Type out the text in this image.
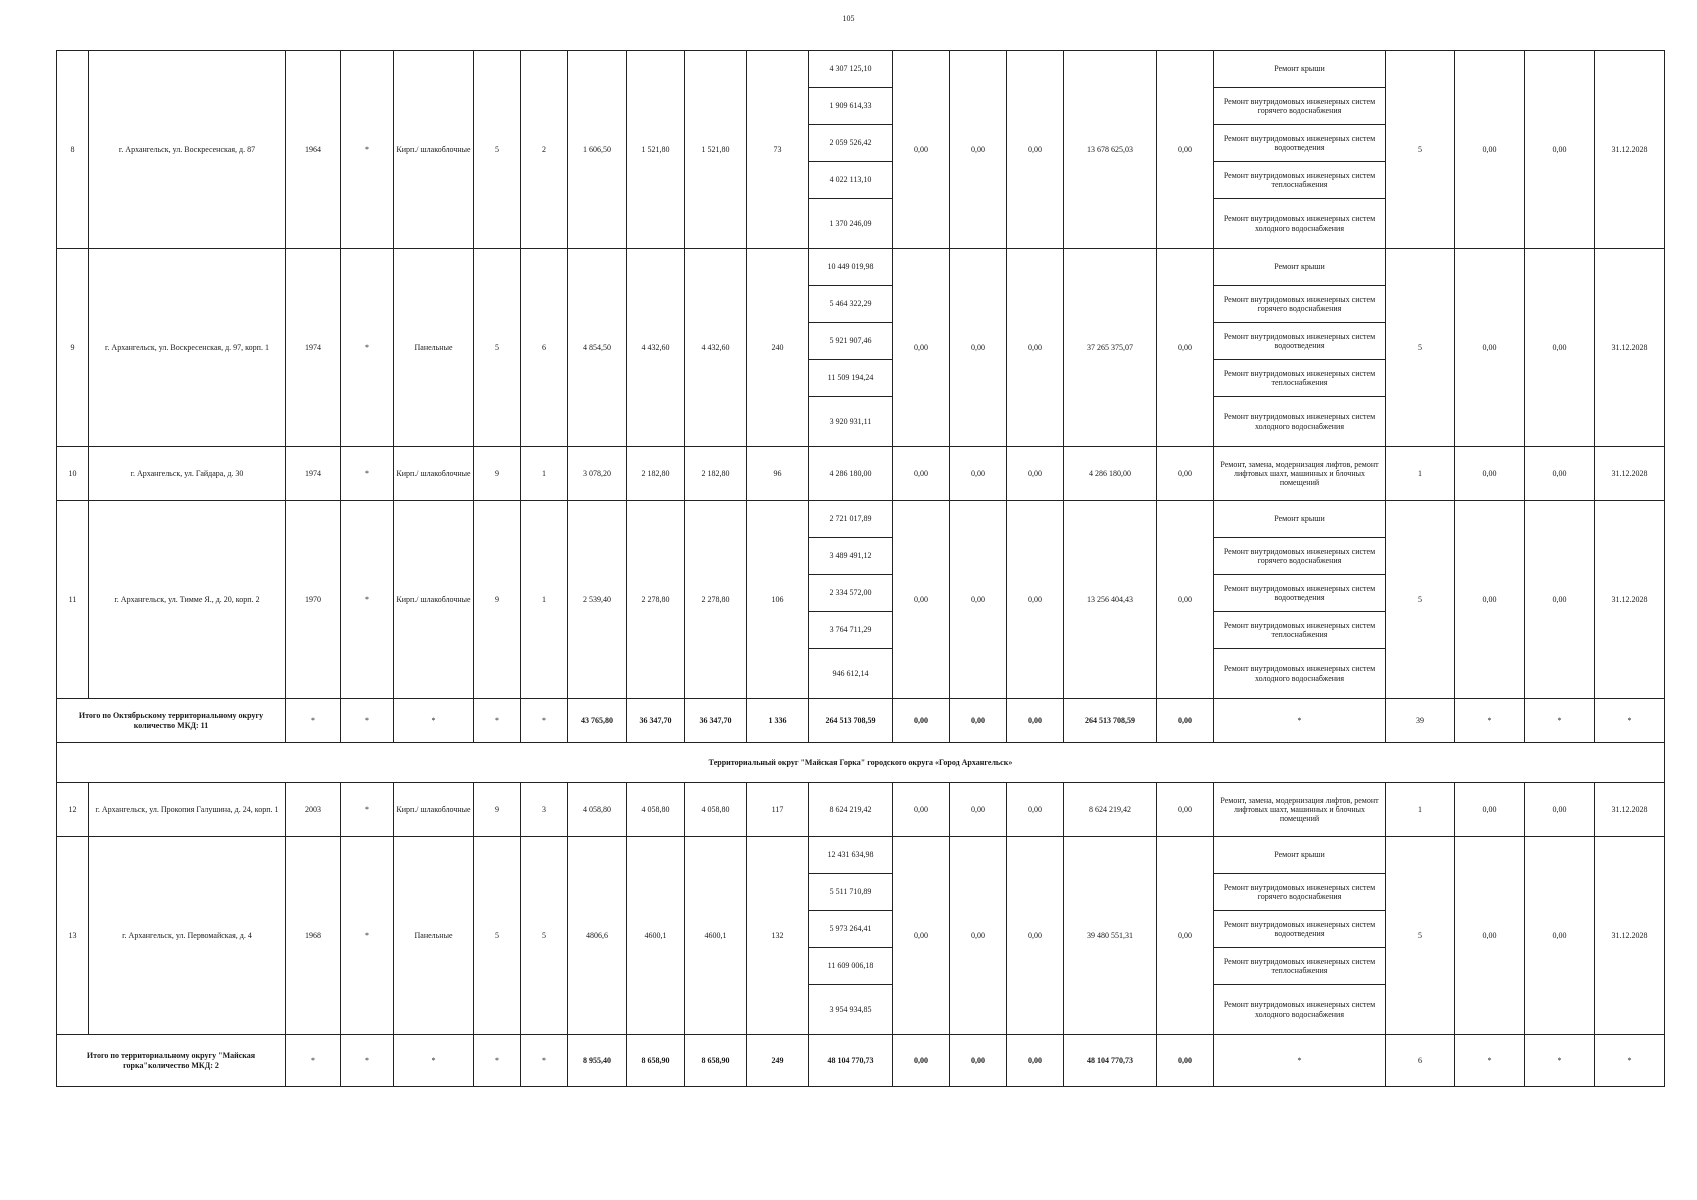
105
8	г. Архангельск, ул. Воскресенская, д. 87	1964	*	Кирп./ шлакоблочные	5	2	1 606,50	1 521,80	1 521,80	73	4 307 125,10	0,00	0,00	0,00	13 678 625,03	0,00	Ремонт крыши	5	0,00	0,00	31.12.2028
											1 909 614,33						Ремонт внутридомовых инженерных систем горячего водоснабжения				
											2 059 526,42						Ремонт внутридомовых инженерных систем водоотведения				
											4 022 113,10						Ремонт внутридомовых инженерных систем теплоснабжения				
											1 370 246,09						Ремонт внутридомовых инженерных систем холодного водоснабжения				
9	г. Архангельск, ул. Воскресенская, д. 97, корп. 1	1974	*	Панельные	5	6	4 854,50	4 432,60	4 432,60	240	10 449 019,98	0,00	0,00	0,00	37 265 375,07	0,00	Ремонт крыши	5	0,00	0,00	31.12.2028
											5 464 322,29						Ремонт внутридомовых инженерных систем горячего водоснабжения				
											5 921 907,46						Ремонт внутридомовых инженерных систем водоотведения				
											11 509 194,24						Ремонт внутридомовых инженерных систем теплоснабжения				
											3 920 931,11						Ремонт внутридомовых инженерных систем холодного водоснабжения				
10	г. Архангельск, ул. Гайдара, д. 30	1974	*	Кирп./ шлакоблочные	9	1	3 078,20	2 182,80	2 182,80	96	4 286 180,00	0,00	0,00	0,00	4 286 180,00	0,00	Ремонт, замена, модернизация лифтов, ремонт лифтовых шахт, машинных и блочных помещений	1	0,00	0,00	31.12.2028
11	г. Архангельск, ул. Тимме Я., д. 20, корп. 2	1970	*	Кирп./ шлакоблочные	9	1	2 539,40	2 278,80	2 278,80	106	2 721 017,89	0,00	0,00	0,00	13 256 404,43	0,00	Ремонт крыши	5	0,00	0,00	31.12.2028
											3 489 491,12						Ремонт внутридомовых инженерных систем горячего водоснабжения				
											2 334 572,00						Ремонт внутридомовых инженерных систем водоотведения				
											3 764 711,29						Ремонт внутридомовых инженерных систем теплоснабжения				
											946 612,14						Ремонт внутридомовых инженерных систем холодного водоснабжения				
Итого по Октябрьскому территориальному округу количество МКД: 11		*	*	*	*	*	43 765,80	36 347,70	36 347,70	1 336	264 513 708,59	0,00	0,00	0,00	264 513 708,59	0,00	*	39	*	*	*
Территориальный округ "Майская Горка" городского округа «Город Архангельск»																					
12	г. Архангельск, ул. Прокопия Галушина, д. 24, корп. 1	2003	*	Кирп./ шлакоблочные	9	3	4 058,80	4 058,80	4 058,80	117	8 624 219,42	0,00	0,00	0,00	8 624 219,42	0,00	Ремонт, замена, модернизация лифтов, ремонт лифтовых шахт, машинных и блочных помещений	1	0,00	0,00	31.12.2028
13	г. Архангельск, ул. Первомайская, д. 4	1968	*	Панельные	5	5	4806,6	4600,1	4600,1	132	12 431 634,98	0,00	0,00	0,00	39 480 551,31	0,00	Ремонт крыши	5	0,00	0,00	31.12.2028
											5 511 710,89						Ремонт внутридомовых инженерных систем горячего водоснабжения				
											5 973 264,41						Ремонт внутридомовых инженерных систем водоотведения				
											11 609 006,18						Ремонт внутридомовых инженерных систем теплоснабжения				
											3 954 934,85						Ремонт внутридомовых инженерных систем холодного водоснабжения				
Итого по территориальному округу "Майская горка"количество МКД: 2		*	*	*	*	*	8 955,40	8 658,90	8 658,90	249	48 104 770,73	0,00	0,00	0,00	48 104 770,73	0,00	*	6	*	*	*
